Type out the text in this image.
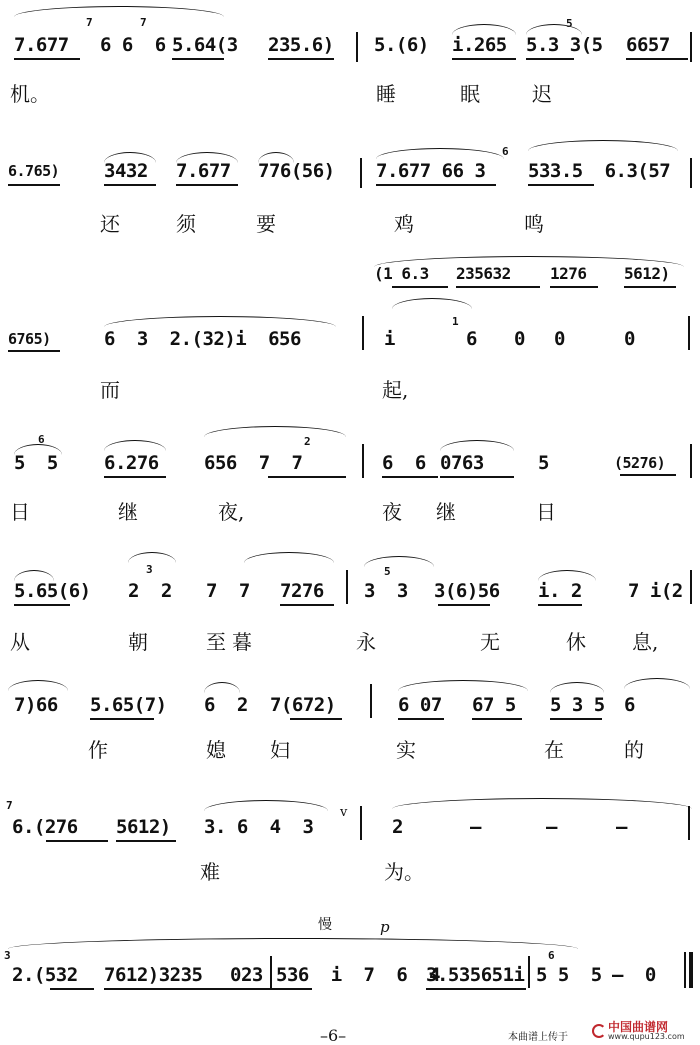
7	7
7.677 6 6  6 5.64(3 235.6) 5.(6) i.265
5
5.3 3(5 6657
机。	睡	眠	迟
6.765) 3432 7.677 776(56)
6
7.677 66 3 533.5  6.3(57
还	须	要	鸡	鸣
(1 6.3 235632 1276 5612)
6765)	6  3  2.(32)i  656	i
1
6 0 0	0
而	起,
6
5  5 6.276
2
656  7  7	6  6 0763	5	(5276)
日	继	夜,	夜 继	日
5.65(6)
3
2  2 7  7 7276
5
3  3 3(6)56 i. 2 7 i(2
从	朝	至 暮	永	无	休 息,
7)66 5.65(7) 6  2 7(672)	6 07 67 5 5 3 5 6
作	媳 妇	实	在	的
7
6.(276 5612) 3. 6  4  3
v
2	–	–	–
难	为。
慢	p
3
2.(532 7612)3235 023 536  i  7  6  4
3.535651i
6
5 5  5 –  0
–6–	本曲谱上传于
中国曲谱网
www.qupu123.com
